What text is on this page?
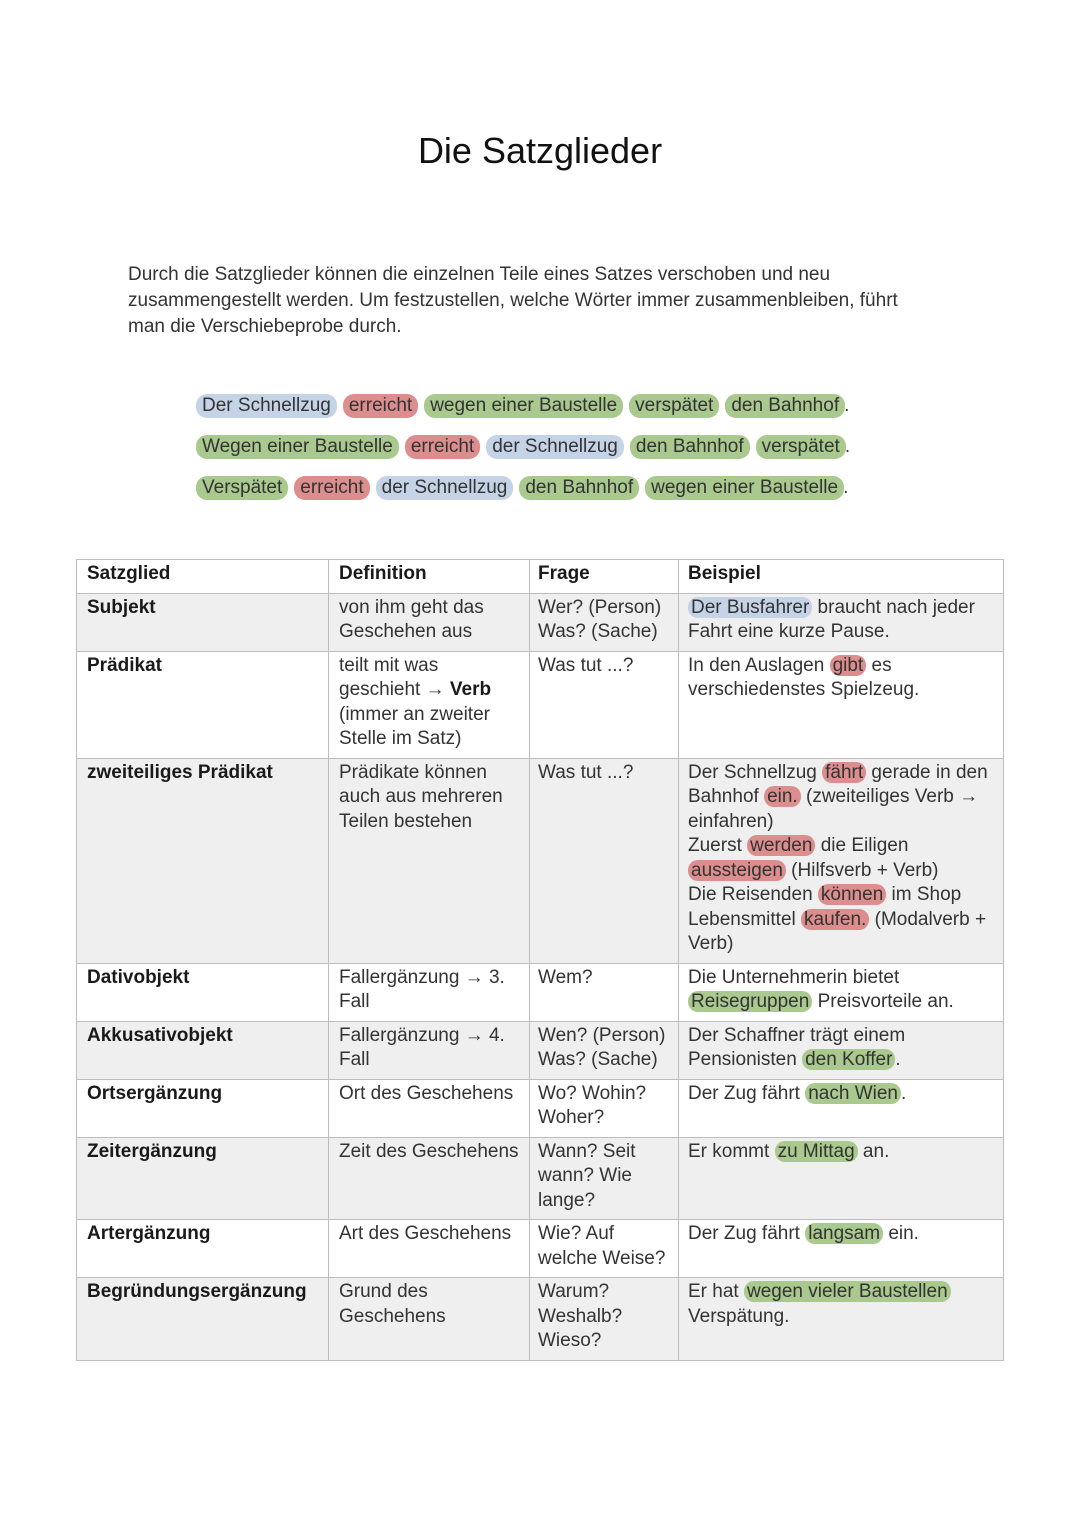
Die Satzglieder

Durch die Satzglieder können die einzelnen Teile eines Satzes verschoben und neu zusammengestellt werden. Um festzustellen, welche Wörter immer zusammenbleiben, führt man die Verschiebeprobe durch.

Der Schnellzug erreicht wegen einer Baustelle verspätet den Bahnhof .
Wegen einer Baustelle erreicht der Schnellzug den Bahnhof verspätet .
Verspätet erreicht der Schnellzug den Bahnhof wegen einer Baustelle .
Satzglied	Definition	Frage	Beispiel
Subjekt	von ihm geht das Geschehen aus	Wer? (Person) Was? (Sache)	Der Busfahrer braucht nach jeder Fahrt eine kurze Pause.
Prädikat	teilt mit was geschieht → Verb (immer an zweiter Stelle im Satz)	Was tut ...?	In den Auslagen gibt es verschiedenstes Spielzeug.
zweiteiliges Prädikat	Prädikate können auch aus mehreren Teilen bestehen	Was tut ...?	Der Schnellzug fährt gerade in den Bahnhof ein. (zweiteiliges Verb → einfahren)
Zuerst werden die Eiligen aussteigen (Hilfsverb + Verb)
Die Reisenden können im Shop Lebensmittel kaufen. (Modalverb + Verb)
Dativobjekt	Fallergänzung → 3. Fall	Wem?	Die Unternehmerin bietet Reisegruppen Preisvorteile an.
Akkusativobjekt	Fallergänzung → 4. Fall	Wen? (Person) Was? (Sache)	Der Schaffner trägt einem Pensionisten den Koffer .
Ortsergänzung	Ort des Geschehens	Wo? Wohin? Woher?	Der Zug fährt nach Wien .
Zeitergänzung	Zeit des Geschehens	Wann? Seit wann? Wie lange?	Er kommt zu Mittag an.
Artergänzung	Art des Geschehens	Wie? Auf welche Weise?	Der Zug fährt langsam ein.
Begründungsergänzung	Grund des Geschehens	Warum? Weshalb? Wieso?	Er hat wegen vieler Baustellen Verspätung.
